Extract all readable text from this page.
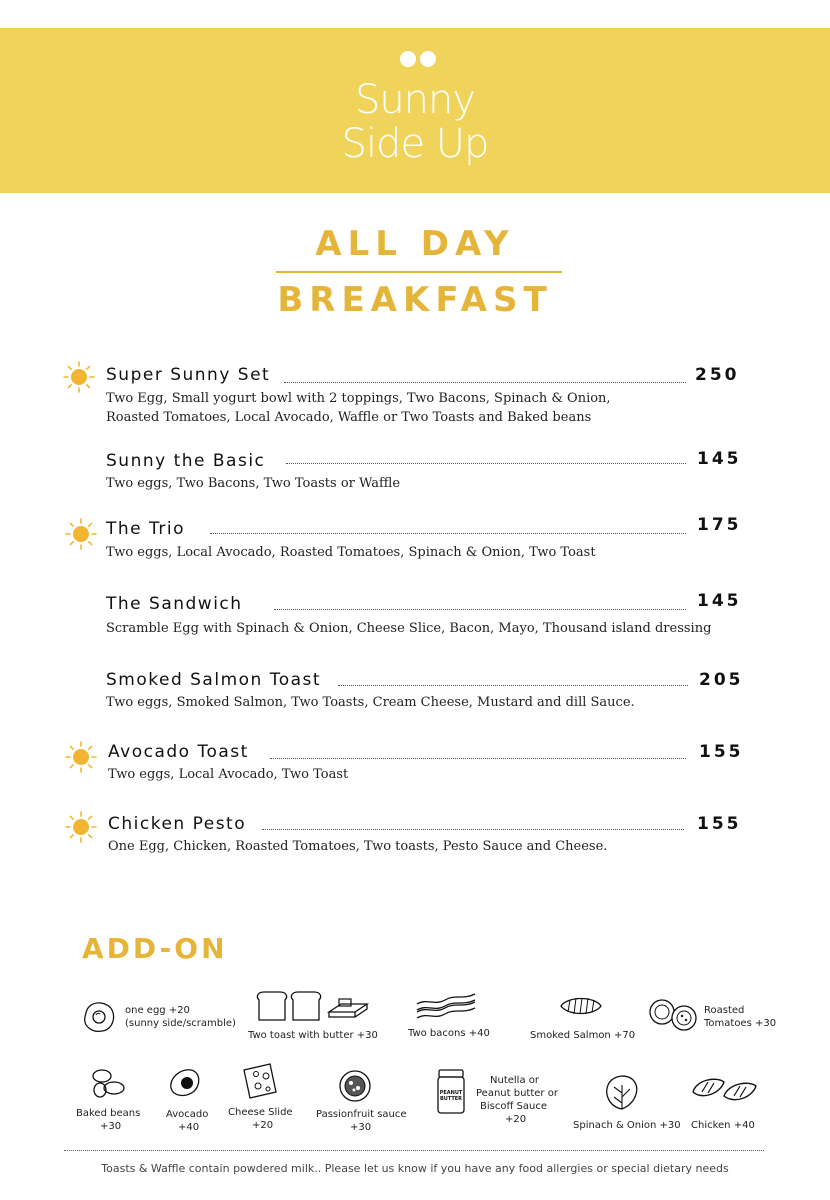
Sunny
Side Up
ALL DAY
BREAKFAST
Super Sunny Set	250
Two Egg, Small yogurt bowl with 2 toppings, Two Bacons, Spinach & Onion,
Roasted Tomatoes, Local Avocado, Waffle or Two Toasts and Baked beans
Sunny the Basic	145
Two eggs, Two Bacons, Two Toasts or Waffle
The Trio	175
Two eggs, Local Avocado, Roasted Tomatoes, Spinach & Onion, Two Toast
The Sandwich	145
Scramble Egg with Spinach & Onion, Cheese Slice, Bacon, Mayo, Thousand island dressing
Smoked Salmon Toast	205
Two eggs, Smoked Salmon, Two Toasts, Cream Cheese, Mustard and dill Sauce.
Avocado Toast	155
Two eggs, Local Avocado, Two Toast
Chicken Pesto	155
One Egg, Chicken, Roasted Tomatoes, Two toasts, Pesto Sauce and Cheese.
ADD-ON
one egg +20
(sunny side/scramble)
Two toast with butter +30	Two bacons +40	Smoked Salmon +70
Roasted
Tomatoes +30
Baked beans
+30
Avocado
+40
Cheese Slide
+20
Passionfruit sauce
+30
PEANUT
BUTTER
Nutella or
Peanut butter or
Biscoff Sauce
+20
Spinach & Onion +30 Chicken +40
Toasts & Waffle contain powdered milk.. Please let us know if you have any food allergies or special dietary needs
